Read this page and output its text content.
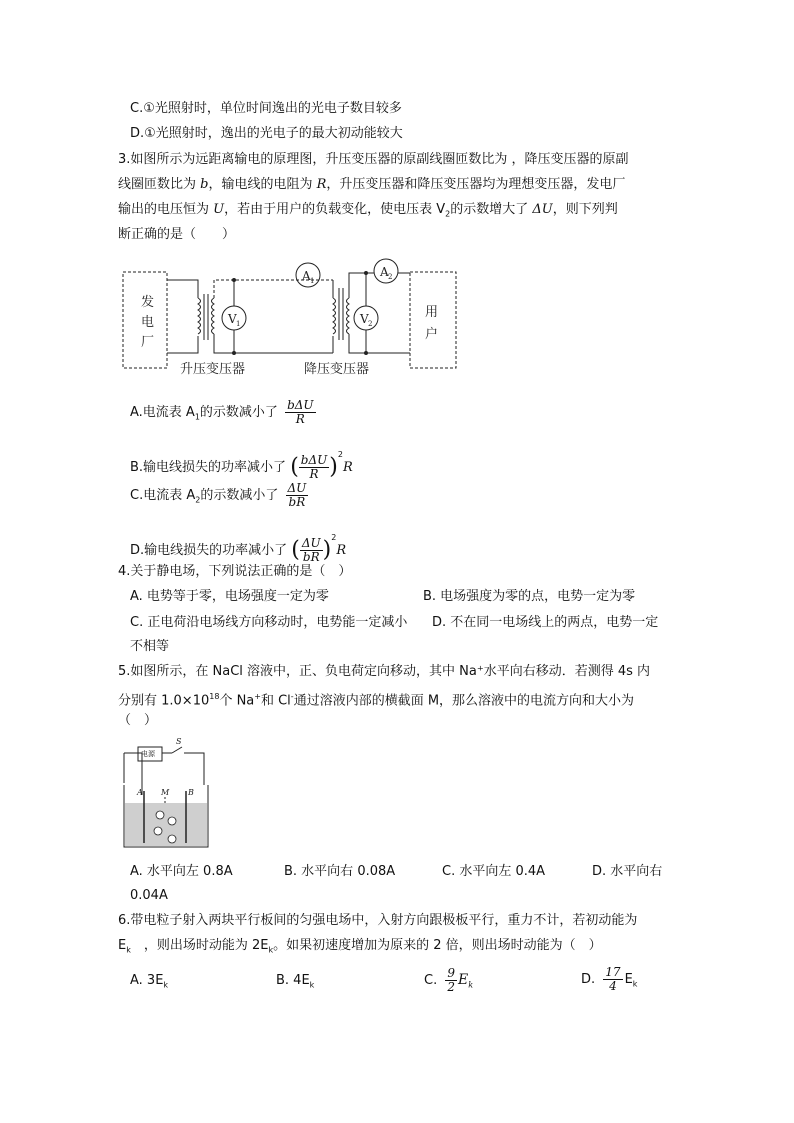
C.①光照射时，单位时间逸出的光电子数目较多
D.①光照射时，逸出的光电子的最大初动能较大
3.如图所示为远距离输电的原理图，升压变压器的原副线圈匝数比为 ，降压变压器的原副
线圈匝数比为 b，输电线的电阻为 R，升压变压器和降压变压器均为理想变压器，发电厂
输出的电压恒为 U，若由于用户的负载变化，使电压表 $V_2$的示数增大了 ΔU，则下列判
断正确的是（　　）
发
电
厂
用
户
升压变压器	降压变压器
V 1	V 2
A 1
A 2
A.电流表 $A_1$的示数减小了 $\frac{\text{bΔU}}{R}$
B.输电线损失的功率减小了 ( $\frac{\text{bΔU}}{R} )^2R$
C.电流表 $A_2$的示数减小了 $\frac{\Delta U}{bR}$
D.输电线损失的功率减小了 ( $\frac{\Delta U}{bR} )^2R$
4.关于静电场，下列说法正确的是（　）
A. 电势等于零，电场强度一定为零	B. 电场强度为零的点，电势一定为零
C. 正电荷沿电场线方向移动时，电势能一定减小 D. 不在同一电场线上的两点，电势一定
不相等
5.如图所示，在 NaCl 溶液中，正、负电荷定向移动，其中 Na⁺水平向右移动．若测得 4s 内
分别有 $1.0\times 10^{18}$个 Na+和 Cl-通过溶液内部的横截面 M，那么溶液中的电流方向和大小为
（　）
电源
S
A M B
A. 水平向左 0.8A	B. 水平向右 0.08A	C. 水平向左 0.4A	D. 水平向右
0.04A
6.带电粒子射入两块平行板间的匀强电场中，入射方向跟极板平行，重力不计，若初动能为
$E_k$　，则出场时动能为 $2E_k$。如果初速度增加为原来的 2 倍，则出场时动能为（　）
A. $3E_k$	B. $4E_k$	C. $\frac{9}{2} E_k$	D. $\frac{17}{4} E_k$
